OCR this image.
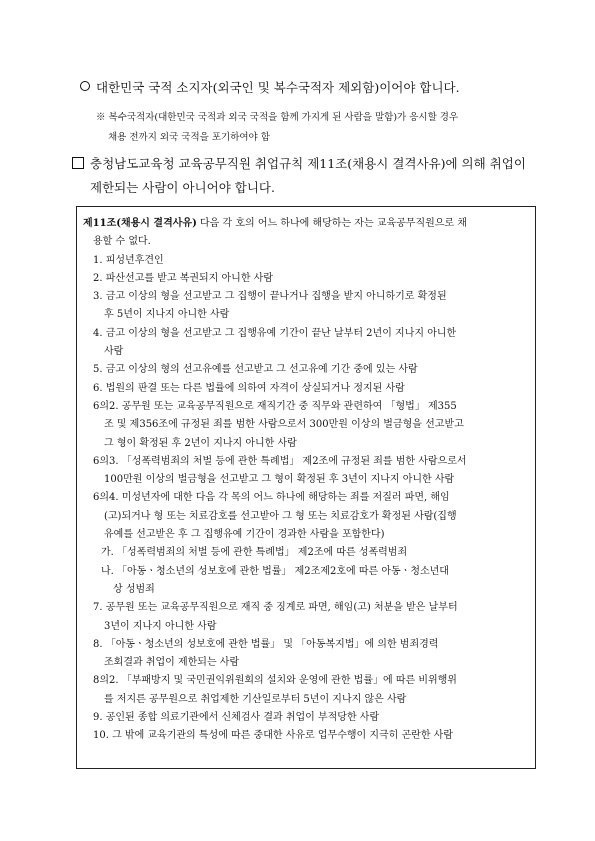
대한민국 국적 소지자(외국인 및 복수국적자 제외함)이어야 합니다.
※ 복수국적자(대한민국 국적과 외국 국적을 함께 가지게 된 사람을 말함)가 응시할 경우
채용 전까지 외국 국적을 포기하여야 함
충청남도교육청 교육공무직원 취업규칙 제11조(채용시 결격사유)에 의해 취업이
제한되는 사람이 아니어야 합니다.
제11조(채용시 결격사유) 다음 각 호의 어느 하나에 해당하는 자는 교육공무직원으로 채
용할 수 없다.
1. 피성년후견인
2. 파산선고를 받고 복권되지 아니한 사람
3. 금고 이상의 형을 선고받고 그 집행이 끝나거나 집행을 받지 아니하기로 확정된
후 5년이 지나지 아니한 사람
4. 금고 이상의 형을 선고받고 그 집행유예 기간이 끝난 날부터 2년이 지나지 아니한
사람
5. 금고 이상의 형의 선고유예를 선고받고 그 선고유예 기간 중에 있는 사람
6. 법원의 판결 또는 다른 법률에 의하여 자격이 상실되거나 정지된 사람
6의2. 공무원 또는 교육공무직원으로 재직기간 중 직무와 관련하여 「형법」 제355
조 및 제356조에 규정된 죄를 범한 사람으로서 300만원 이상의 벌금형을 선고받고
그 형이 확정된 후 2년이 지나지 아니한 사람
6의3. 「성폭력범죄의 처벌 등에 관한 특례법」 제2조에 규정된 죄를 범한 사람으로서
100만원 이상의 벌금형을 선고받고 그 형이 확정된 후 3년이 지나지 아니한 사람
6의4. 미성년자에 대한 다음 각 목의 어느 하나에 해당하는 죄를 저질러 파면, 해임
(고)되거나 형 또는 치료감호를 선고받아 그 형 또는 치료감호가 확정된 사람(집행
유예를 선고받은 후 그 집행유예 기간이 경과한 사람을 포함한다)
가. 「성폭력범죄의 처벌 등에 관한 특례법」 제2조에 따른 성폭력범죄
나. 「아동ㆍ청소년의 성보호에 관한 법률」 제2조제2호에 따른 아동ㆍ청소년대
상 성범죄
7. 공무원 또는 교육공무직원으로 재직 중 징계로 파면, 해임(고) 처분을 받은 날부터
3년이 지나지 아니한 사람
8. 「아동ㆍ청소년의 성보호에 관한 법률」 및 「아동복지법」에 의한 범죄경력
조회결과 취업이 제한되는 사람
8의2. 「부패방지 및 국민권익위원회의 설치와 운영에 관한 법률」에 따른 비위행위
를 저지른 공무원으로 취업제한 기산일로부터 5년이 지나지 않은 사람
9. 공인된 종합 의료기관에서 신체검사 결과 취업이 부적당한 사람
10. 그 밖에 교육기관의 특성에 따른 중대한 사유로 업무수행이 지극히 곤란한 사람
